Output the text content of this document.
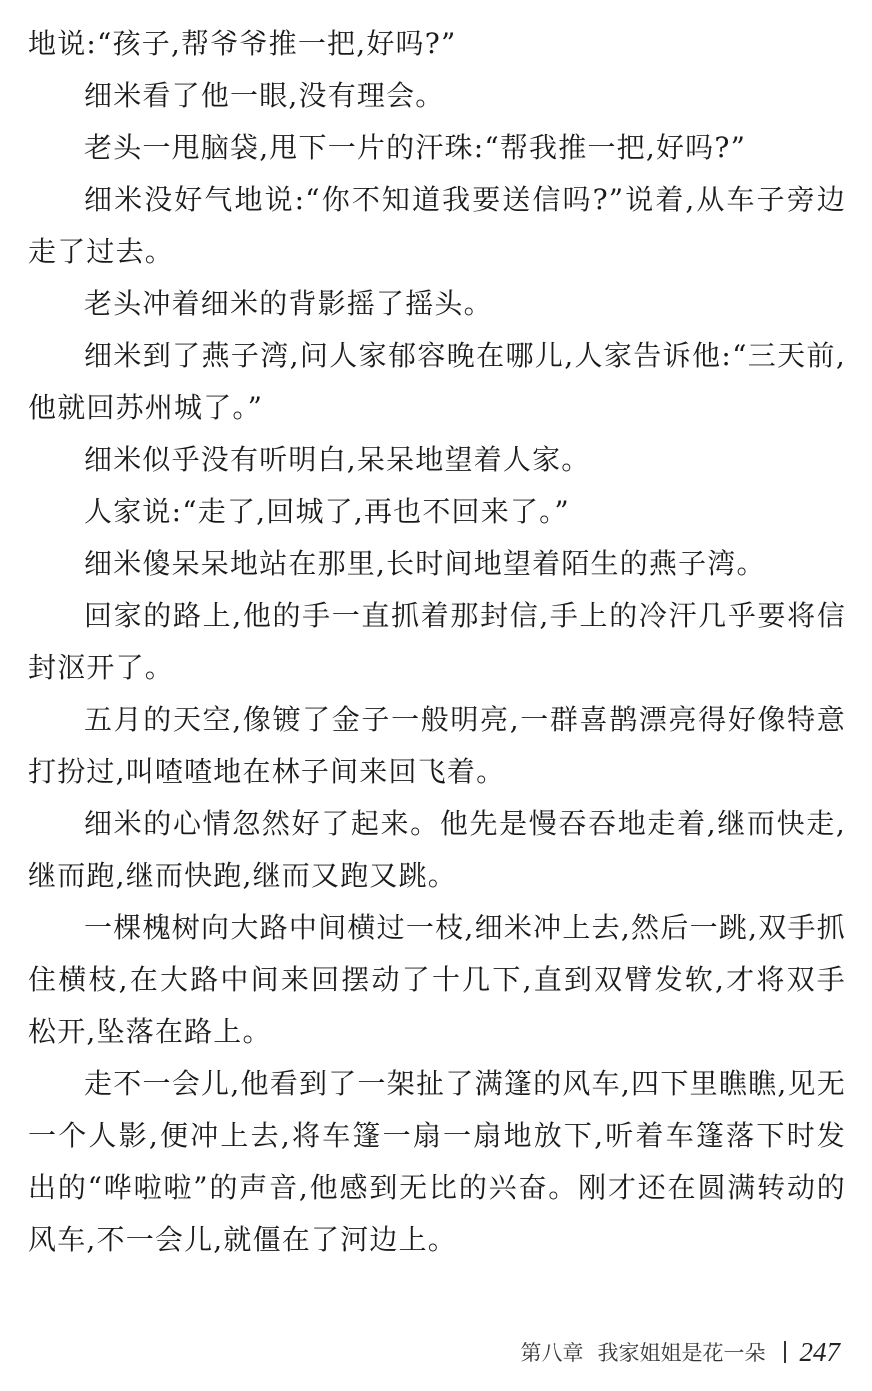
地说:“孩子,帮爷爷推一把,好吗?”

细米看了他一眼,没有理会。

老头一甩脑袋,甩下一片的汗珠:“帮我推一把,好吗?”

细米没好气地说:“你不知道我要送信吗?”说着,从车子旁边走了过去。

老头冲着细米的背影摇了摇头。

细米到了燕子湾,问人家郁容晚在哪儿,人家告诉他:“三天前,他就回苏州城了。”

细米似乎没有听明白,呆呆地望着人家。

人家说:“走了,回城了,再也不回来了。”

细米傻呆呆地站在那里,长时间地望着陌生的燕子湾。

回家的路上,他的手一直抓着那封信,手上的冷汗几乎要将信封沤开了。

五月的天空,像镀了金子一般明亮,一群喜鹊漂亮得好像特意打扮过,叫喳喳地在林子间来回飞着。

细米的心情忽然好了起来。他先是慢吞吞地走着,继而快走,继而跑,继而快跑,继而又跑又跳。

一棵槐树向大路中间横过一枝,细米冲上去,然后一跳,双手抓住横枝,在大路中间来回摆动了十几下,直到双臂发软,才将双手松开,坠落在路上。

走不一会儿,他看到了一架扯了满篷的风车,四下里瞧瞧,见无一个人影,便冲上去,将车篷一扇一扇地放下,听着车篷落下时发出的“哗啦啦”的声音,他感到无比的兴奋。刚才还在圆满转动的风车,不一会儿,就僵在了河边上。

第八章 我家姐姐是花一朵 247
